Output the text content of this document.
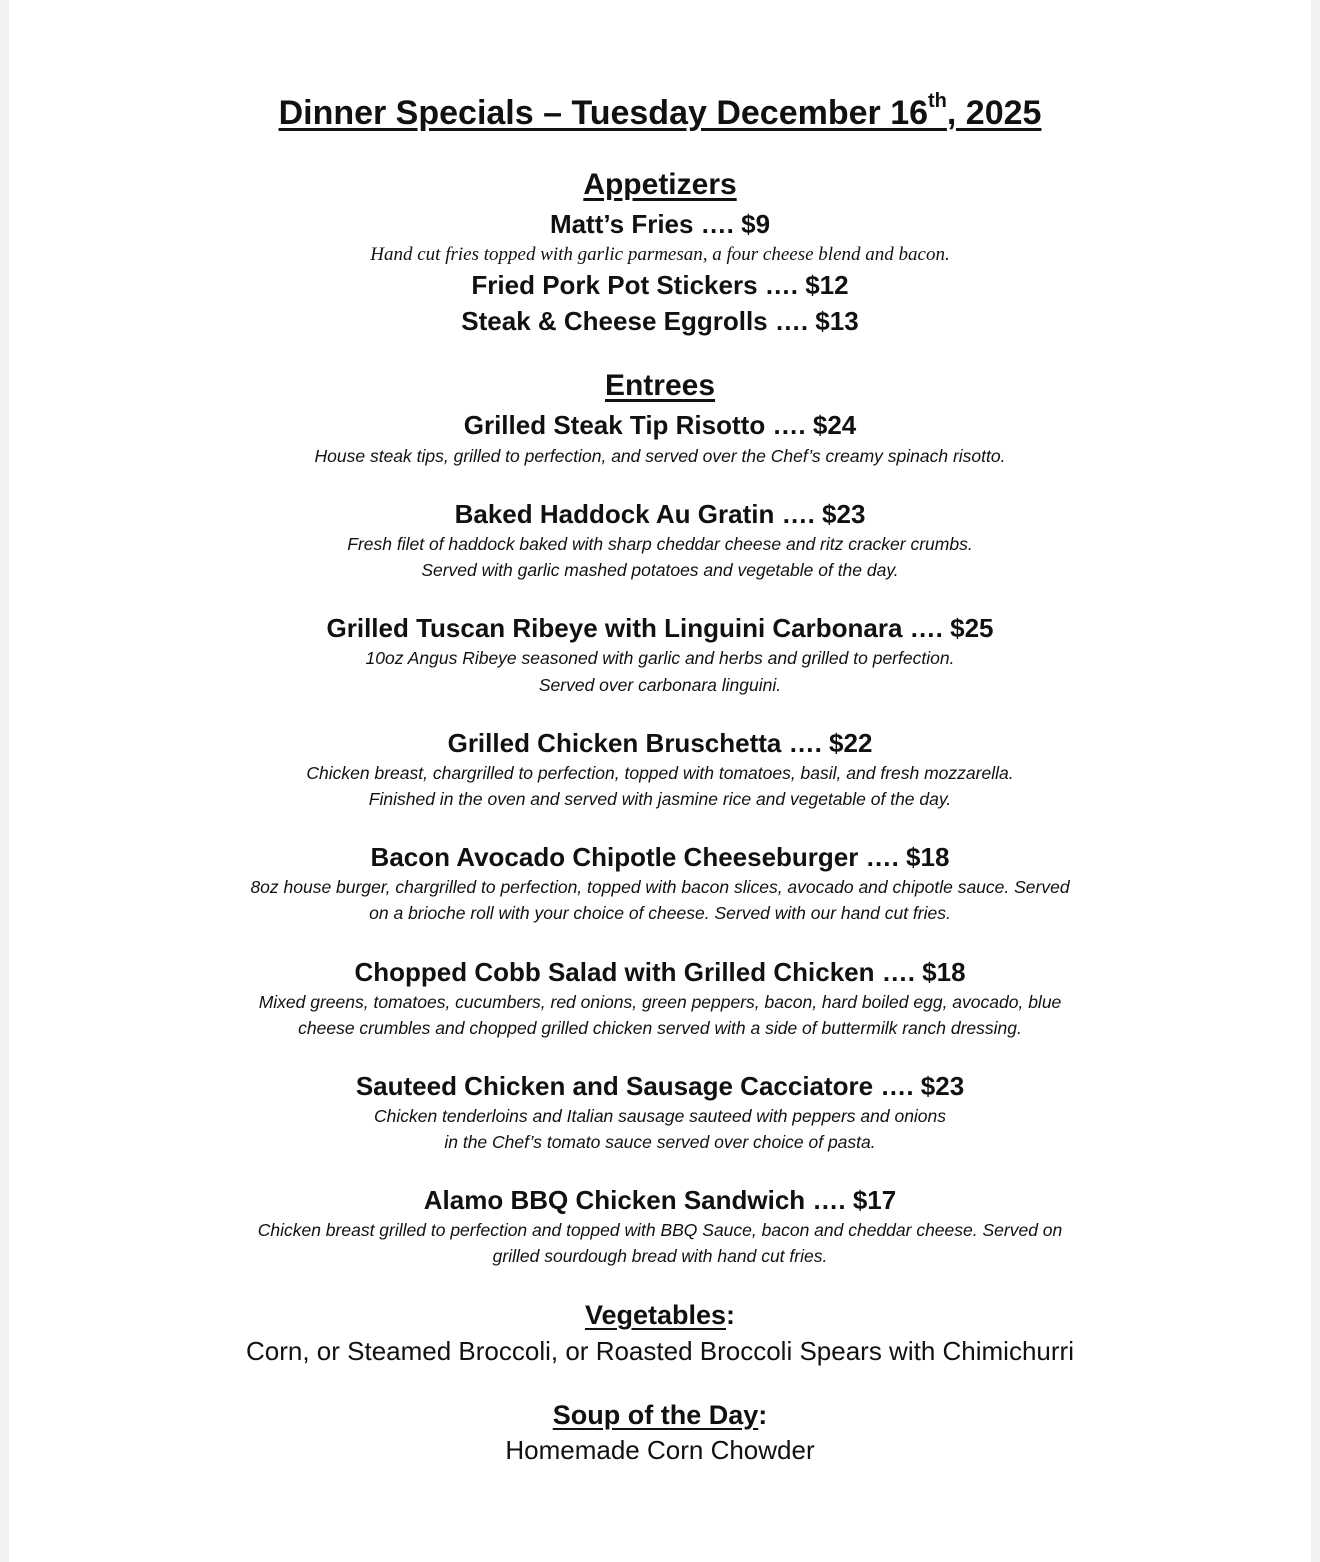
Dinner Specials – Tuesday December 16th, 2025
Appetizers
Matt’s Fries …. $9
Hand cut fries topped with garlic parmesan, a four cheese blend and bacon.
Fried Pork Pot Stickers …. $12
Steak & Cheese Eggrolls …. $13
Entrees
Grilled Steak Tip Risotto …. $24
House steak tips, grilled to perfection, and served over the Chef’s creamy spinach risotto.
Baked Haddock Au Gratin …. $23
Fresh filet of haddock baked with sharp cheddar cheese and ritz cracker crumbs.
Served with garlic mashed potatoes and vegetable of the day.
Grilled Tuscan Ribeye with Linguini Carbonara …. $25
10oz Angus Ribeye seasoned with garlic and herbs and grilled to perfection.
Served over carbonara linguini.
Grilled Chicken Bruschetta …. $22
Chicken breast, chargrilled to perfection, topped with tomatoes, basil, and fresh mozzarella.
Finished in the oven and served with jasmine rice and vegetable of the day.
Bacon Avocado Chipotle Cheeseburger …. $18
8oz house burger, chargrilled to perfection, topped with bacon slices, avocado and chipotle sauce. Served
on a brioche roll with your choice of cheese. Served with our hand cut fries.
Chopped Cobb Salad with Grilled Chicken …. $18
Mixed greens, tomatoes, cucumbers, red onions, green peppers, bacon, hard boiled egg, avocado, blue
cheese crumbles and chopped grilled chicken served with a side of buttermilk ranch dressing.
Sauteed Chicken and Sausage Cacciatore …. $23
Chicken tenderloins and Italian sausage sauteed with peppers and onions
in the Chef’s tomato sauce served over choice of pasta.
Alamo BBQ Chicken Sandwich …. $17
Chicken breast grilled to perfection and topped with BBQ Sauce, bacon and cheddar cheese. Served on
grilled sourdough bread with hand cut fries.
Vegetables:
Corn, or Steamed Broccoli, or Roasted Broccoli Spears with Chimichurri
Soup of the Day:
Homemade Corn Chowder
